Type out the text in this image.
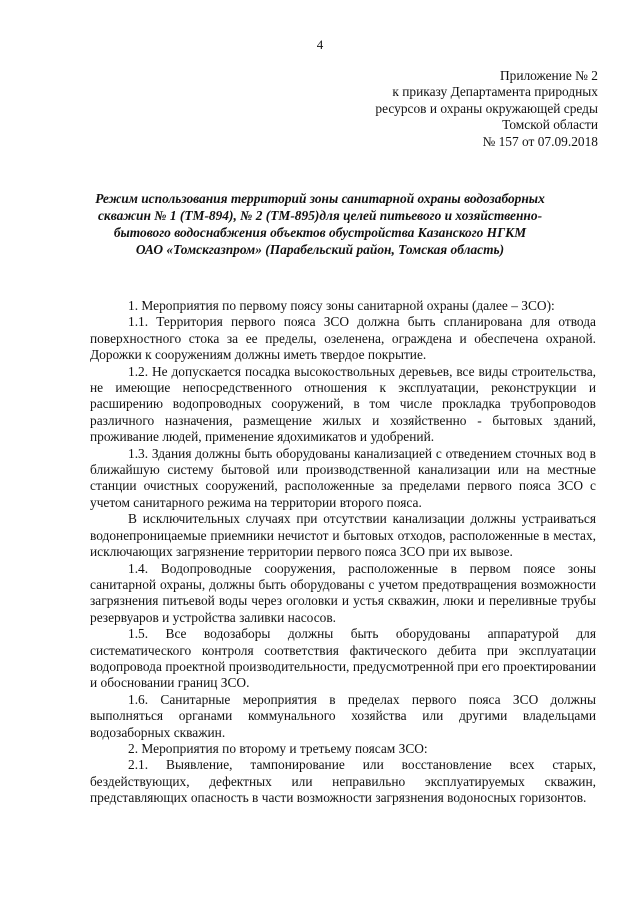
4
Приложение № 2
к приказу Департамента природных
ресурсов и охраны окружающей среды
Томской области
№ 157 от 07.09.2018
Режим использования территорий зоны санитарной охраны водозаборных
скважин № 1 (ТМ-894), № 2 (ТМ-895)для целей питьевого и хозяйственно-
бытового водоснабжения объектов обустройства Казанского НГКМ
ОАО «Томскгазпром» (Парабельский район, Томская область)

1. Мероприятия по первому поясу зоны санитарной охраны (далее – ЗСО):

1.1. Территория первого пояса ЗСО должна быть спланирована для отвода поверхностного стока за ее пределы, озеленена, ограждена и обеспечена охраной. Дорожки к сооружениям должны иметь твердое покрытие.

1.2. Не допускается посадка высокоствольных деревьев, все виды строительства, не имеющие непосредственного отношения к эксплуатации, реконструкции и расширению водопроводных сооружений, в том числе прокладка трубопроводов различного назначения, размещение жилых и хозяйственно - бытовых зданий, проживание людей, применение ядохимикатов и удобрений.

1.3. Здания должны быть оборудованы канализацией с отведением сточных вод в ближайшую систему бытовой или производственной канализации или на местные станции очистных сооружений, расположенные за пределами первого пояса ЗСО с учетом санитарного режима на территории второго пояса.

В исключительных случаях при отсутствии канализации должны устраиваться водонепроницаемые приемники нечистот и бытовых отходов, расположенные в местах, исключающих загрязнение территории первого пояса ЗСО при их вывозе.

1.4. Водопроводные сооружения, расположенные в первом поясе зоны санитарной охраны, должны быть оборудованы с учетом предотвращения возможности загрязнения питьевой воды через оголовки и устья скважин, люки и переливные трубы резервуаров и устройства заливки насосов.

1.5. Все водозаборы должны быть оборудованы аппаратурой для систематического контроля соответствия фактического дебита при эксплуатации водопровода проектной производительности, предусмотренной при его проектировании и обосновании границ ЗСО.

1.6. Санитарные мероприятия в пределах первого пояса ЗСО должны выполняться органами коммунального хозяйства или другими владельцами водозаборных скважин.

2. Мероприятия по второму и третьему поясам ЗСО:

2.1. Выявление, тампонирование или восстановление всех старых, бездействующих, дефектных или неправильно эксплуатируемых скважин, представляющих опасность в части возможности загрязнения водоносных горизонтов.
